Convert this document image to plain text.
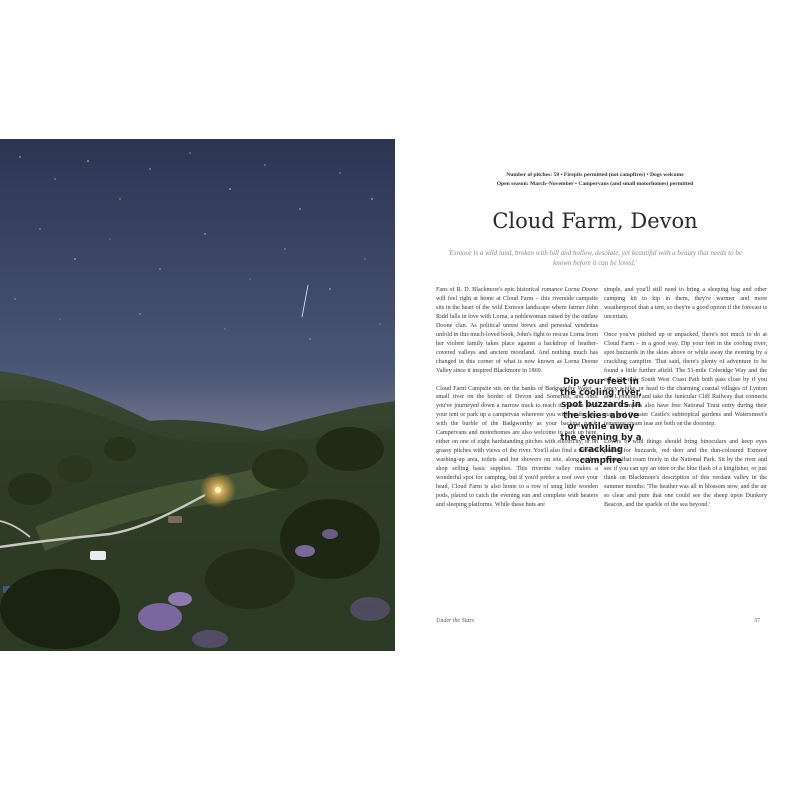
Number of pitches: 58 • Firepits permitted (not campfires) • Dogs welcome
Open season: March–November • Campervans (and small motorhomes) permitted
Cloud Farm, Devon
'Exmoor is a wild land, broken with hill and hollow, desolate, yet beautiful with a beauty that needs to be known before it can be loved.'

Fans of R. D. Blackmore's epic historical romance Lorna Doone will feel right at home at Cloud Farm – this riverside campsite sits in the heart of the wild Exmoor landscape where farmer John Ridd falls in love with Lorna, a noblewoman raised by the outlaw Doone clan. As political unrest brews and personal vendettas unfold in this much-loved book, John's fight to rescue Lorna from her violent family takes place against a backdrop of heather-covered valleys and ancient moorland. And nothing much has changed in this corner of what is now known as Lorna Doone Valley since it inspired Blackmore in 1869.

Cloud Farm Campsite sits on the banks of Badgworthy Water, a small river on the border of Devon and Somerset, and once you've journeyed down a narrow track to reach it you can pitch your tent or park up a campervan wherever you wish on the site, with the burble of the Badgworthy as your backing track. Campervans and motorhomes are also welcome to park up here, either on one of eight hardstanding pitches with electricity, or on grassy pitches with views of the river. You'll also find a covered washing-up area, toilets and hot showers on site, along with a shop selling basic supplies. This riverine valley makes a wonderful spot for camping, but if you'd prefer a roof over your head, Cloud Farm is also home to a row of snug little wooden pods, placed to catch the evening sun and complete with heaters and sleeping platforms. While these huts are

simple, and you'll still need to bring a sleeping bag and other camping kit to kip in them, they're warmer and more weatherproof than a tent, so they're a good option if the forecast is uncertain.

Once you've pitched up or unpacked, there's not much to do at Cloud Farm – in a good way. Dip your feet in the cooling river, spot buzzards in the skies above or while away the evening by a crackling campfire. That said, there's plenty of adventure to be found a little further afield. The 51-mile Coleridge Way and the epic 630-mile South West Coast Path both pass close by if you fancy a hike, or head to the charming coastal villages of Lynton and Lynmouth and take the funicular Cliff Railway that connects them. Campers also have free National Trust entry during their stay, and Dunster Castle's subtropical gardens and Watersmeet's tempting cream teas are both on the doorstep.

Lovers of wild things should bring binoculars and keep eyes peeled for buzzards, red deer and the dun-coloured Exmoor ponies that roam freely in the National Park. Sit by the river and see if you can spy an otter or the blue flash of a kingfisher, or just think on Blackmore's description of this verdant valley in the summer months: 'The heather was all in blossom now, and the air so clear and pure that one could see the sheep upon Dunkery Beacon, and the sparkle of the sea beyond.'

Dip your feet in the cooling river, spot buzzards in the skies above or while away the evening by a crackling campfire
Under the Stars	37
